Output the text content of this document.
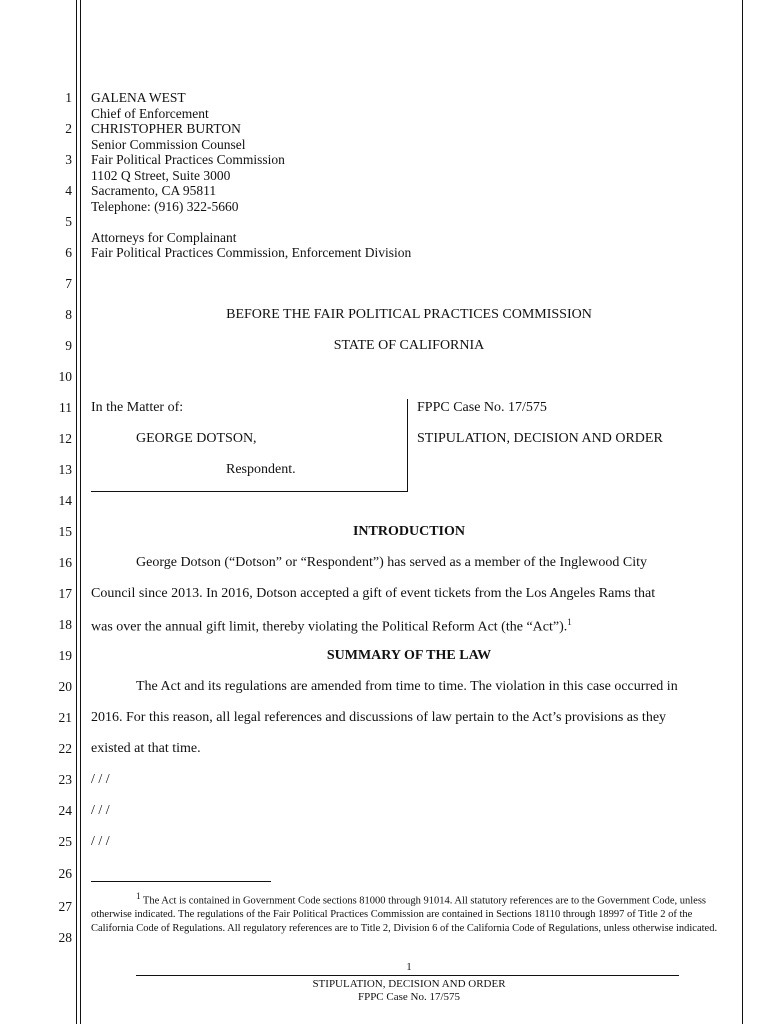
1
2
3
4
5
6
7
8
9
10
11
12
13
14
15
16
17
18
19
20
21
22
23
24
25
26
27
28
GALENA WEST
Chief of Enforcement
CHRISTOPHER BURTON
Senior Commission Counsel
Fair Political Practices Commission
1102 Q Street, Suite 3000
Sacramento, CA 95811
Telephone: (916) 322-5660
Attorneys for Complainant
Fair Political Practices Commission, Enforcement Division
BEFORE THE FAIR POLITICAL PRACTICES COMMISSION
STATE OF CALIFORNIA
In the Matter of:
GEORGE DOTSON,
Respondent.
FPPC Case No. 17/575
STIPULATION, DECISION AND ORDER
INTRODUCTION
George Dotson (“Dotson” or “Respondent”) has served as a member of the Inglewood City
Council since 2013. In 2016, Dotson accepted a gift of event tickets from the Los Angeles Rams that
was over the annual gift limit, thereby violating the Political Reform Act (the “Act”).$^1$
SUMMARY OF THE LAW
The Act and its regulations are amended from time to time. The violation in this case occurred in
2016. For this reason, all legal references and discussions of law pertain to the Act’s provisions as they
existed at that time.
/ / /
/ / /
/ / /
$^1$ The Act is contained in Government Code sections 81000 through 91014. All statutory references are to the Government Code, unless otherwise indicated. The regulations of the Fair Political Practices Commission are contained in Sections 18110 through 18997 of Title 2 of the California Code of Regulations. All regulatory references are to Title 2, Division 6 of the California Code of Regulations, unless otherwise indicated.
1
STIPULATION, DECISION AND ORDER
FPPC Case No. 17/575
